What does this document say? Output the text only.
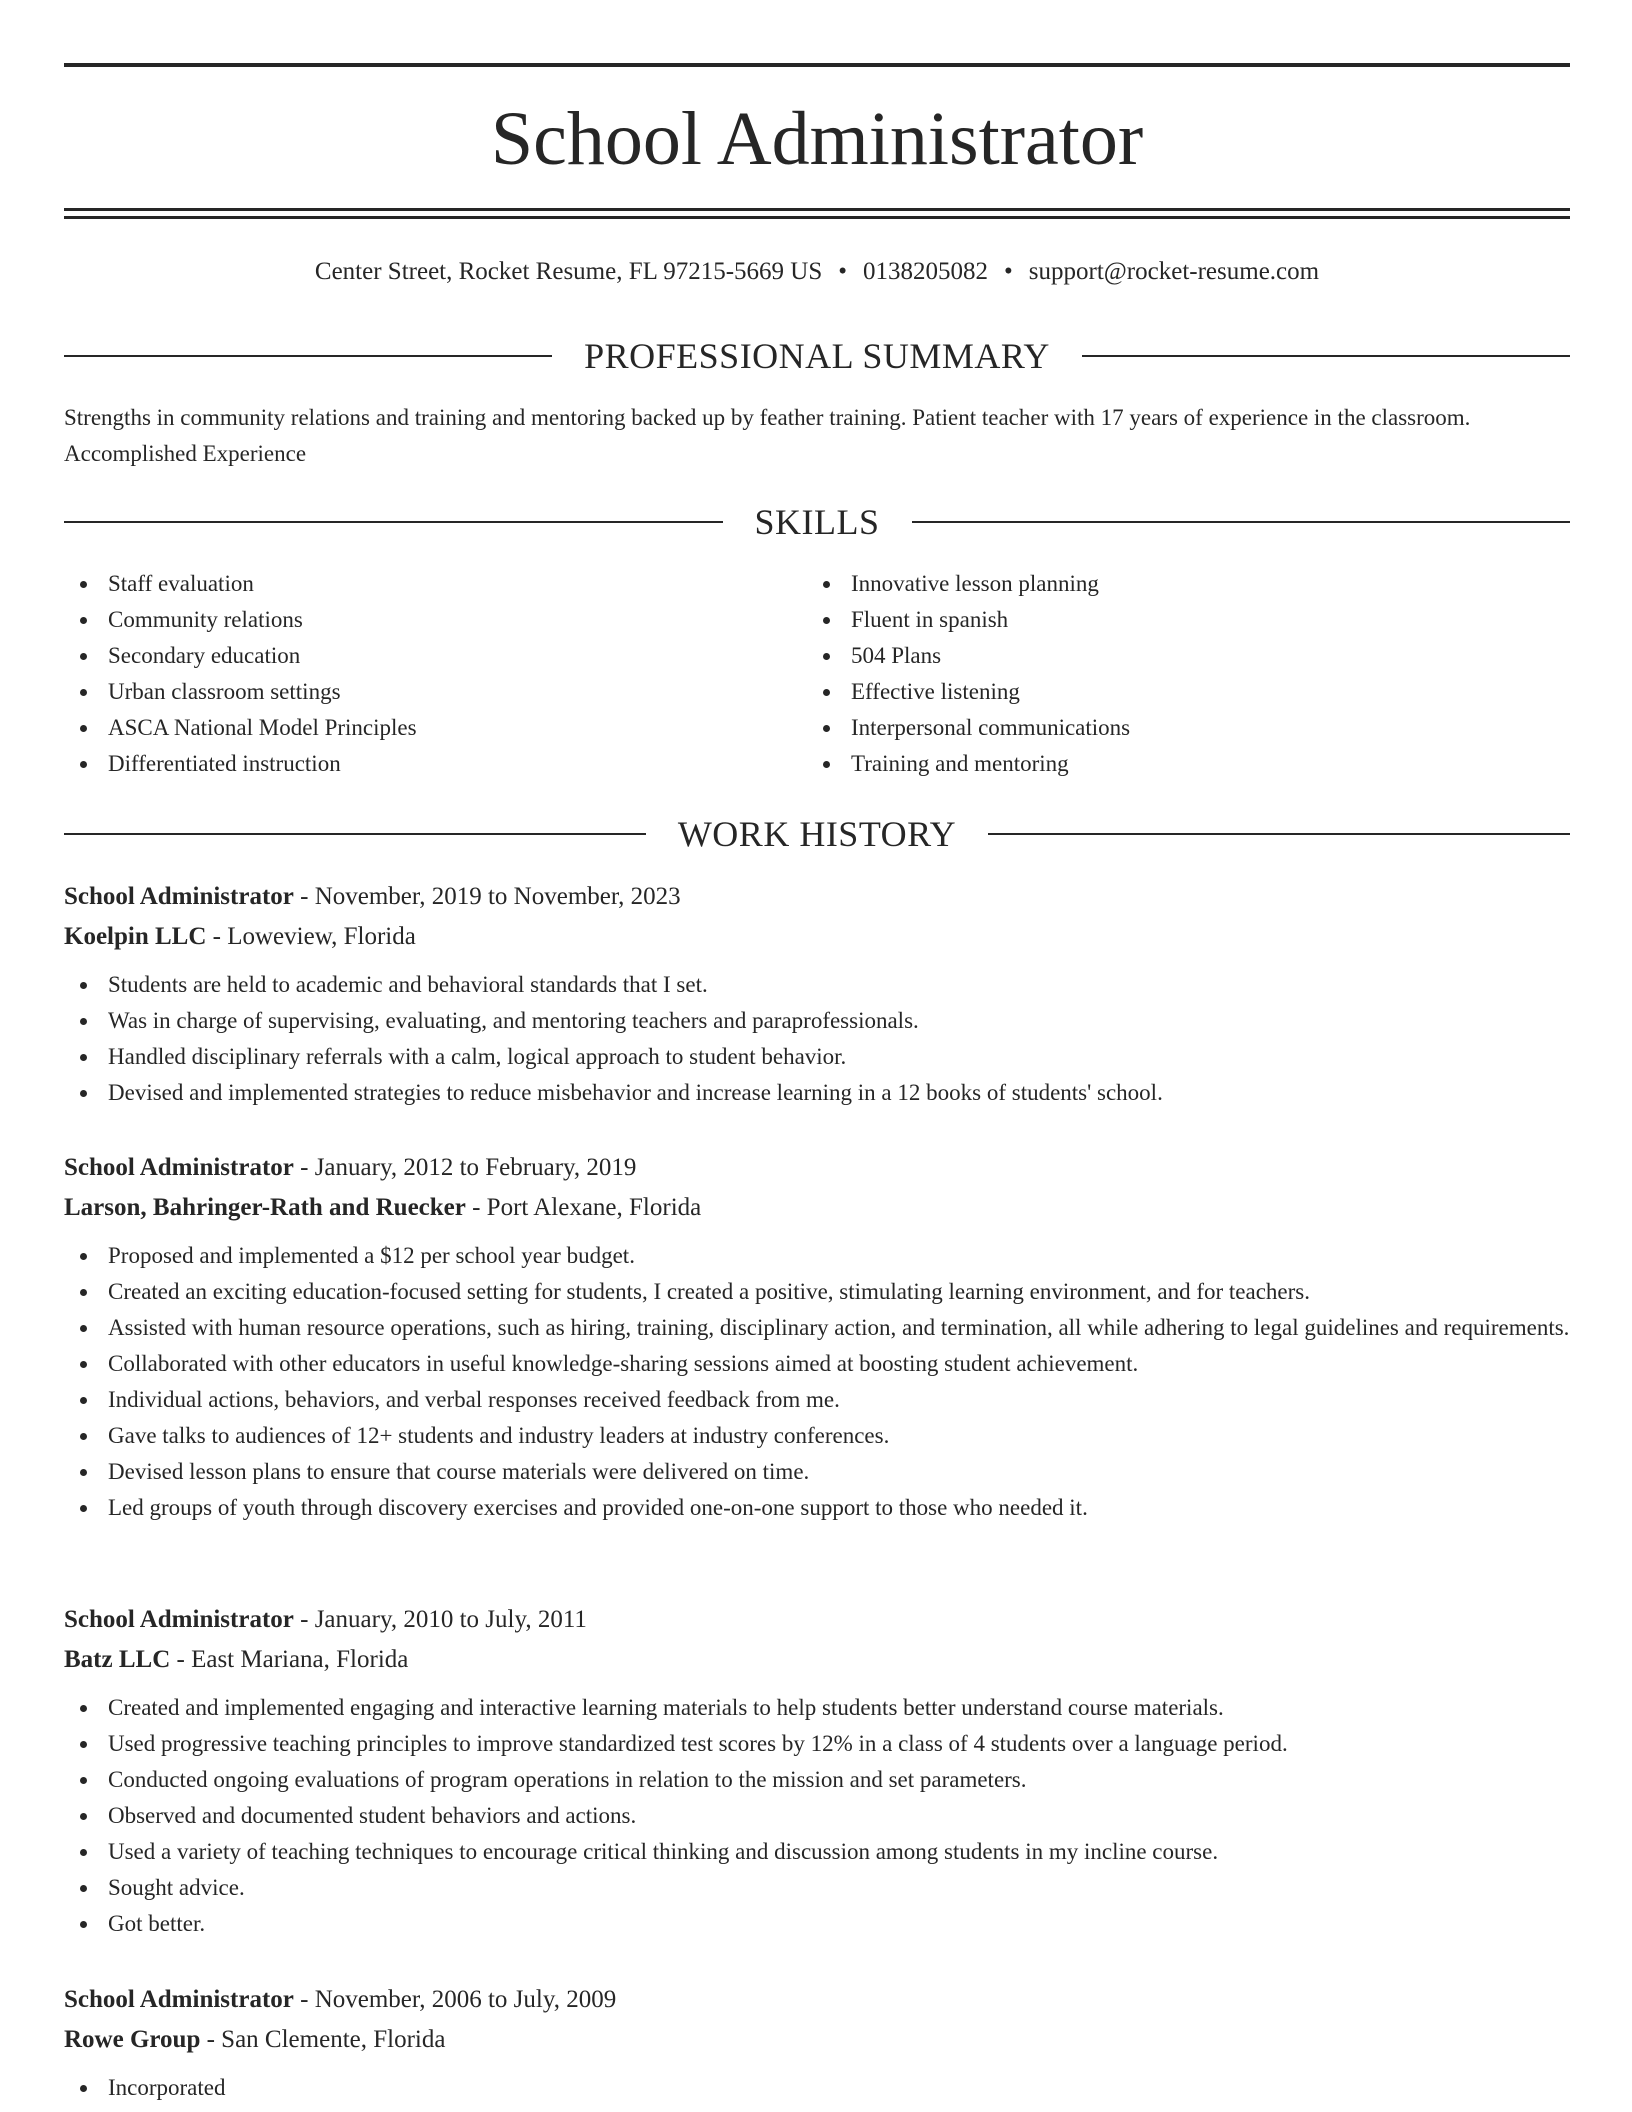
School Administrator
Center Street, Rocket Resume, FL 97215-5669 US • 0138205082 • support@rocket-resume.com
PROFESSIONAL SUMMARY
Strengths in community relations and training and mentoring backed up by feather training. Patient teacher with 17 years of experience in the classroom. Accomplished Experience
SKILLS
Staff evaluation
Community relations
Secondary education
Urban classroom settings
ASCA National Model Principles
Differentiated instruction
Innovative lesson planning
Fluent in spanish
504 Plans
Effective listening
Interpersonal communications
Training and mentoring
WORK HISTORY
School Administrator - November, 2019 to November, 2023
Koelpin LLC - Loweview, Florida
Students are held to academic and behavioral standards that I set.
Was in charge of supervising, evaluating, and mentoring teachers and paraprofessionals.
Handled disciplinary referrals with a calm, logical approach to student behavior.
Devised and implemented strategies to reduce misbehavior and increase learning in a 12 books of students' school.
School Administrator - January, 2012 to February, 2019
Larson, Bahringer-Rath and Ruecker - Port Alexane, Florida
Proposed and implemented a $12 per school year budget.
Created an exciting education-focused setting for students, I created a positive, stimulating learning environment, and for teachers.
Assisted with human resource operations, such as hiring, training, disciplinary action, and termination, all while adhering to legal guidelines and requirements.
Collaborated with other educators in useful knowledge-sharing sessions aimed at boosting student achievement.
Individual actions, behaviors, and verbal responses received feedback from me.
Gave talks to audiences of 12+ students and industry leaders at industry conferences.
Devised lesson plans to ensure that course materials were delivered on time.
Led groups of youth through discovery exercises and provided one-on-one support to those who needed it.
School Administrator - January, 2010 to July, 2011
Batz LLC - East Mariana, Florida
Created and implemented engaging and interactive learning materials to help students better understand course materials.
Used progressive teaching principles to improve standardized test scores by 12% in a class of 4 students over a language period.
Conducted ongoing evaluations of program operations in relation to the mission and set parameters.
Observed and documented student behaviors and actions.
Used a variety of teaching techniques to encourage critical thinking and discussion among students in my incline course.
Sought advice.
Got better.
School Administrator - November, 2006 to July, 2009
Rowe Group - San Clemente, Florida
Incorporated
